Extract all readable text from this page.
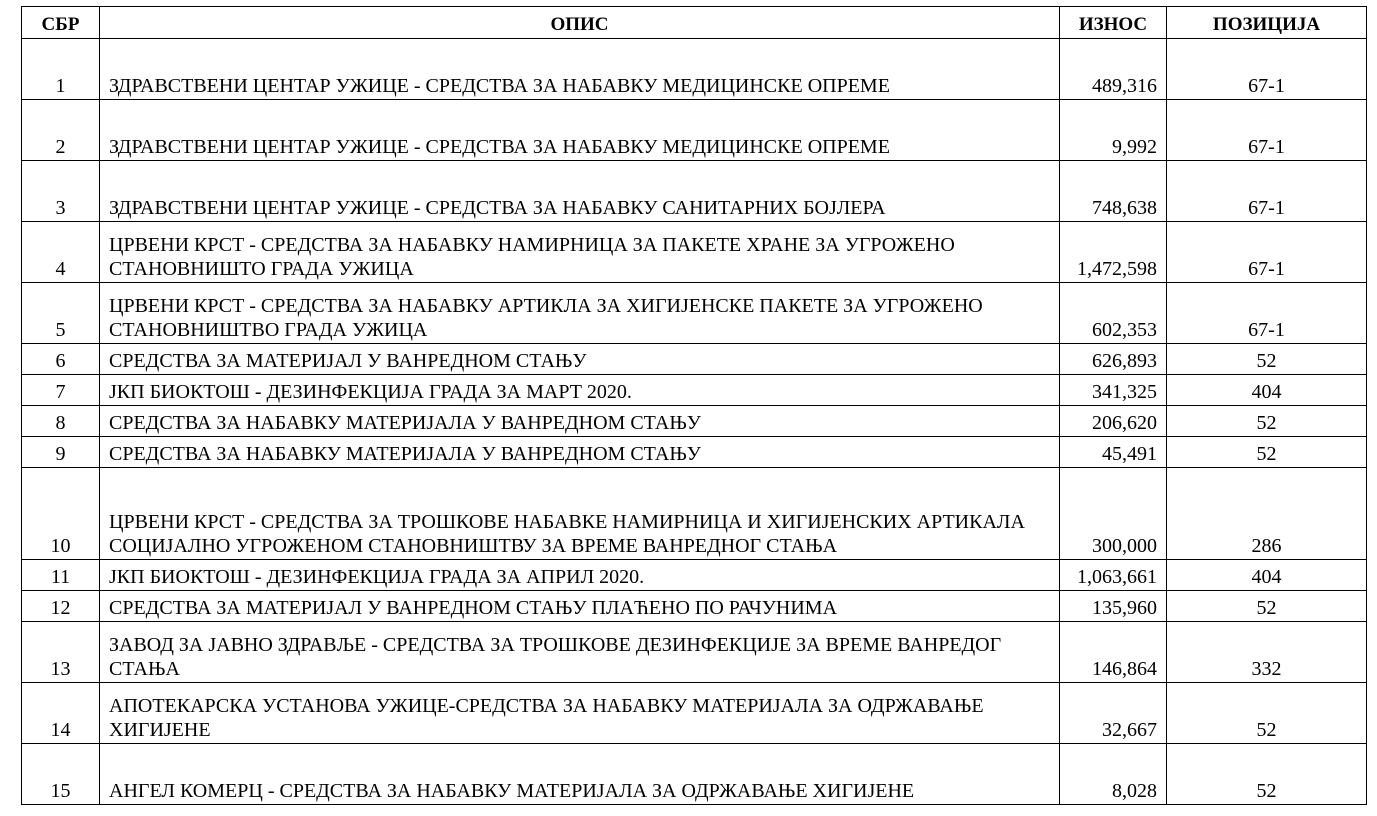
СБР	ОПИС	ИЗНОС	ПОЗИЦИЈА
1	ЗДРАВСТВЕНИ ЦЕНТАР УЖИЦЕ - СРЕДСТВА ЗА НАБАВКУ МЕДИЦИНСКЕ ОПРЕМЕ	489,316	67-1
2	ЗДРАВСТВЕНИ ЦЕНТАР УЖИЦЕ - СРЕДСТВА ЗА НАБАВКУ МЕДИЦИНСКЕ ОПРЕМЕ	9,992	67-1
3	ЗДРАВСТВЕНИ ЦЕНТАР УЖИЦЕ - СРЕДСТВА ЗА НАБАВКУ САНИТАРНИХ БОЈЛЕРА	748,638	67-1
4	ЦРВЕНИ КРСТ - СРЕДСТВА ЗА НАБАВКУ НАМИРНИЦА ЗА ПАКЕТЕ ХРАНЕ ЗА УГРОЖЕНО СТАНОВНИШТО ГРАДА УЖИЦА	1,472,598	67-1
5	ЦРВЕНИ КРСТ - СРЕДСТВА ЗА НАБАВКУ АРТИКЛА ЗА ХИГИЈЕНСКЕ ПАКЕТЕ ЗА УГРОЖЕНО СТАНОВНИШТВО ГРАДА УЖИЦА	602,353	67-1
6	СРЕДСТВА ЗА МАТЕРИЈАЛ У ВАНРЕДНОМ СТАЊУ	626,893	52
7	ЈКП БИОКТОШ - ДЕЗИНФЕКЦИЈА ГРАДА ЗА МАРТ 2020.	341,325	404
8	СРЕДСТВА ЗА НАБАВКУ МАТЕРИЈАЛА У ВАНРЕДНОМ СТАЊУ	206,620	52
9	СРЕДСТВА ЗА НАБАВКУ МАТЕРИЈАЛА У ВАНРЕДНОМ СТАЊУ	45,491	52
10	ЦРВЕНИ КРСТ - СРЕДСТВА ЗА ТРОШКОВЕ НАБАВКЕ НАМИРНИЦА И ХИГИЈЕНСКИХ АРТИКАЛА СОЦИЈАЛНО УГРОЖЕНОМ СТАНОВНИШТВУ ЗА ВРЕМЕ ВАНРЕДНОГ СТАЊА	300,000	286
11	ЈКП БИОКТОШ - ДЕЗИНФЕКЦИЈА ГРАДА ЗА АПРИЛ 2020.	1,063,661	404
12	СРЕДСТВА ЗА МАТЕРИЈАЛ У ВАНРЕДНОМ СТАЊУ ПЛАЋЕНО ПО РАЧУНИМА	135,960	52
13	ЗАВОД ЗА ЈАВНО ЗДРАВЉЕ - СРЕДСТВА ЗА ТРОШКОВЕ ДЕЗИНФЕКЦИЈЕ ЗА ВРЕМЕ ВАНРЕДОГ СТАЊА	146,864	332
14	АПОТЕКАРСКА УСТАНОВА УЖИЦЕ-СРЕДСТВА ЗА НАБАВКУ МАТЕРИЈАЛА ЗА ОДРЖАВАЊЕ ХИГИЈЕНЕ	32,667	52
15	АНГЕЛ КОМЕРЦ - СРЕДСТВА ЗА НАБАВКУ МАТЕРИЈАЛА ЗА ОДРЖАВАЊЕ ХИГИЈЕНЕ	8,028	52
